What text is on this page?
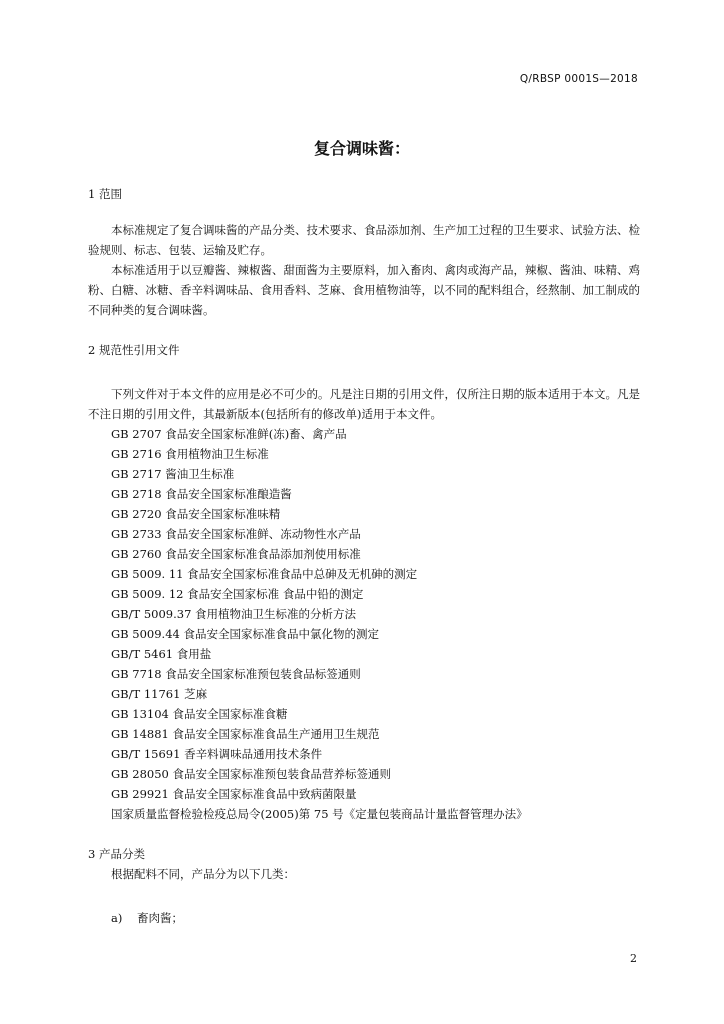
Q/RBSP 0001S—2018
复合调味酱：

1 范围

本标准规定了复合调味酱的产品分类、技术要求、食品添加剂、生产加工过程的卫生要求、试验方法、检验规则、标志、包装、运输及贮存。

本标准适用于以豆瓣酱、辣椒酱、甜面酱为主要原料，加入畜肉、禽肉或海产品，辣椒、酱油、味精、鸡粉、白糖、冰糖、香辛料调味品、食用香料、芝麻、食用植物油等，以不同的配料组合，经熬制、加工制成的不同种类的复合调味酱。

2 规范性引用文件

下列文件对于本文件的应用是必不可少的。凡是注日期的引用文件，仅所注日期的版本适用于本文。凡是不注日期的引用文件，其最新版本(包括所有的修改单)适用于本文件。

GB 2707 食品安全国家标准鲜(冻)畜、禽产品

GB 2716 食用植物油卫生标准

GB 2717 酱油卫生标准

GB 2718 食品安全国家标准酿造酱

GB 2720 食品安全国家标准味精

GB 2733 食品安全国家标准鲜、冻动物性水产品

GB 2760 食品安全国家标准食品添加剂使用标准

GB 5009. 11 食品安全国家标准食品中总砷及无机砷的测定

GB 5009. 12 食品安全国家标准 食品中铅的测定

GB/T 5009.37 食用植物油卫生标准的分析方法

GB 5009.44 食品安全国家标准食品中氯化物的测定

GB/T 5461 食用盐

GB 7718 食品安全国家标准预包装食品标签通则

GB/T 11761 芝麻

GB 13104 食品安全国家标准食糖

GB 14881 食品安全国家标准食品生产通用卫生规范

GB/T 15691 香辛料调味品通用技术条件

GB 28050 食品安全国家标准预包装食品营养标签通则

GB 29921 食品安全国家标准食品中致病菌限量

国家质量监督检验检疫总局令(2005)第 75 号《定量包装商品计量监督管理办法》

3 产品分类

根据配料不同，产品分为以下几类：

a) 畜肉酱；

2
